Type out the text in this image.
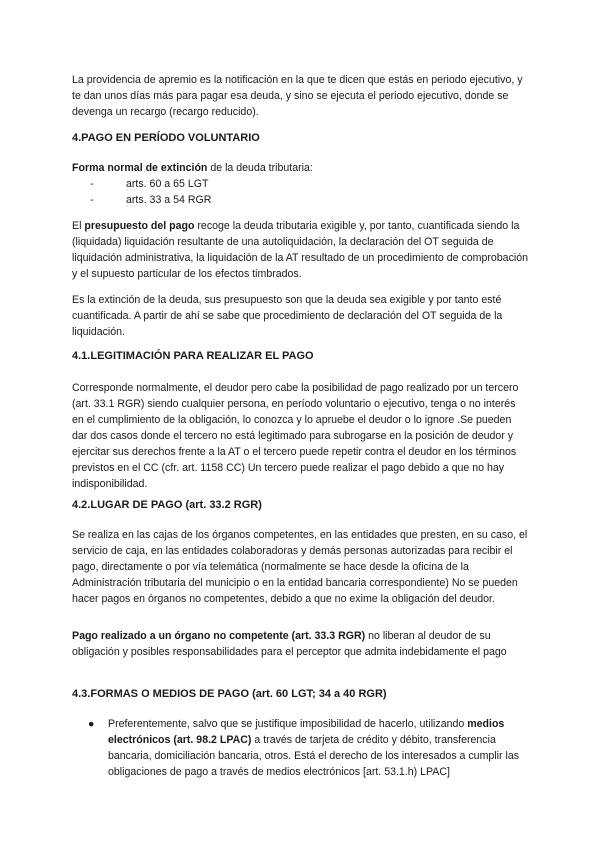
La providencia de apremio es la notificación en la que te dicen que estás en periodo ejecutivo, y te dan unos días más para pagar esa deuda, y sino se ejecuta el periodo ejecutivo, donde se devenga un recargo (recargo reducido).

4.PAGO EN PERÍODO VOLUNTARIO

Forma normal de extinción de la deuda tributaria:

-	arts. 60 a 65 LGT
-	arts. 33 a 54 RGR

El presupuesto del pago recoge la deuda tributaria exigible y, por tanto, cuantificada siendo la (liquidada) liquidación resultante de una autoliquidación, la declaración del OT seguida de liquidación administrativa, la liquidación de la AT resultado de un procedimiento de comprobación y el supuesto particular de los efectos timbrados.

Es la extinción de la deuda, sus presupuesto son que la deuda sea exigible y por tanto esté cuantificada. A partir de ahí se sabe que procedimiento de declaración del OT seguida de la liquidación.

4.1.LEGITIMACIÓN PARA REALIZAR EL PAGO

Corresponde normalmente, el deudor pero cabe la posibilidad de pago realizado por un tercero (art. 33.1 RGR) siendo cualquier persona, en período voluntario o ejecutivo, tenga o no interés en el cumplimiento de la obligación, lo conozca y lo apruebe el deudor o lo ignore .Se pueden dar dos casos donde el tercero no está legitimado para subrogarse en la posición de deudor y ejercitar sus derechos frente a la AT o el tercero puede repetir contra el deudor en los términos previstos en el CC (cfr. art. 1158 CC) Un tercero puede realizar el pago debido a que no hay indisponibilidad.

4.2.LUGAR DE PAGO (art. 33.2 RGR)

Se realiza en las cajas de los órganos competentes, en las entidades que presten, en su caso, el servicio de caja, en las entidades colaboradoras y demás personas autorizadas para recibir el pago, directamente o por vía telemática (normalmente se hace desde la oficina de la Administración tributaria del municipio o en la entidad bancaria correspondiente) No se pueden hacer pagos en órganos no competentes, debido a que no exime la obligación del deudor.

Pago realizado a un órgano no competente (art. 33.3 RGR) no liberan al deudor de su obligación y posibles responsabilidades para el perceptor que admita indebidamente el pago

4.3.FORMAS O MEDIOS DE PAGO (art. 60 LGT; 34 a 40 RGR)
● Preferentemente, salvo que se justifique imposibilidad de hacerlo, utilizando medios electrónicos (art. 98.2 LPAC) a través de tarjeta de crédito y débito, transferencia bancaria, domiciliación bancaria, otros. Está el derecho de los interesados a cumplir las obligaciones de pago a través de medios electrónicos [art. 53.1.h) LPAC]
